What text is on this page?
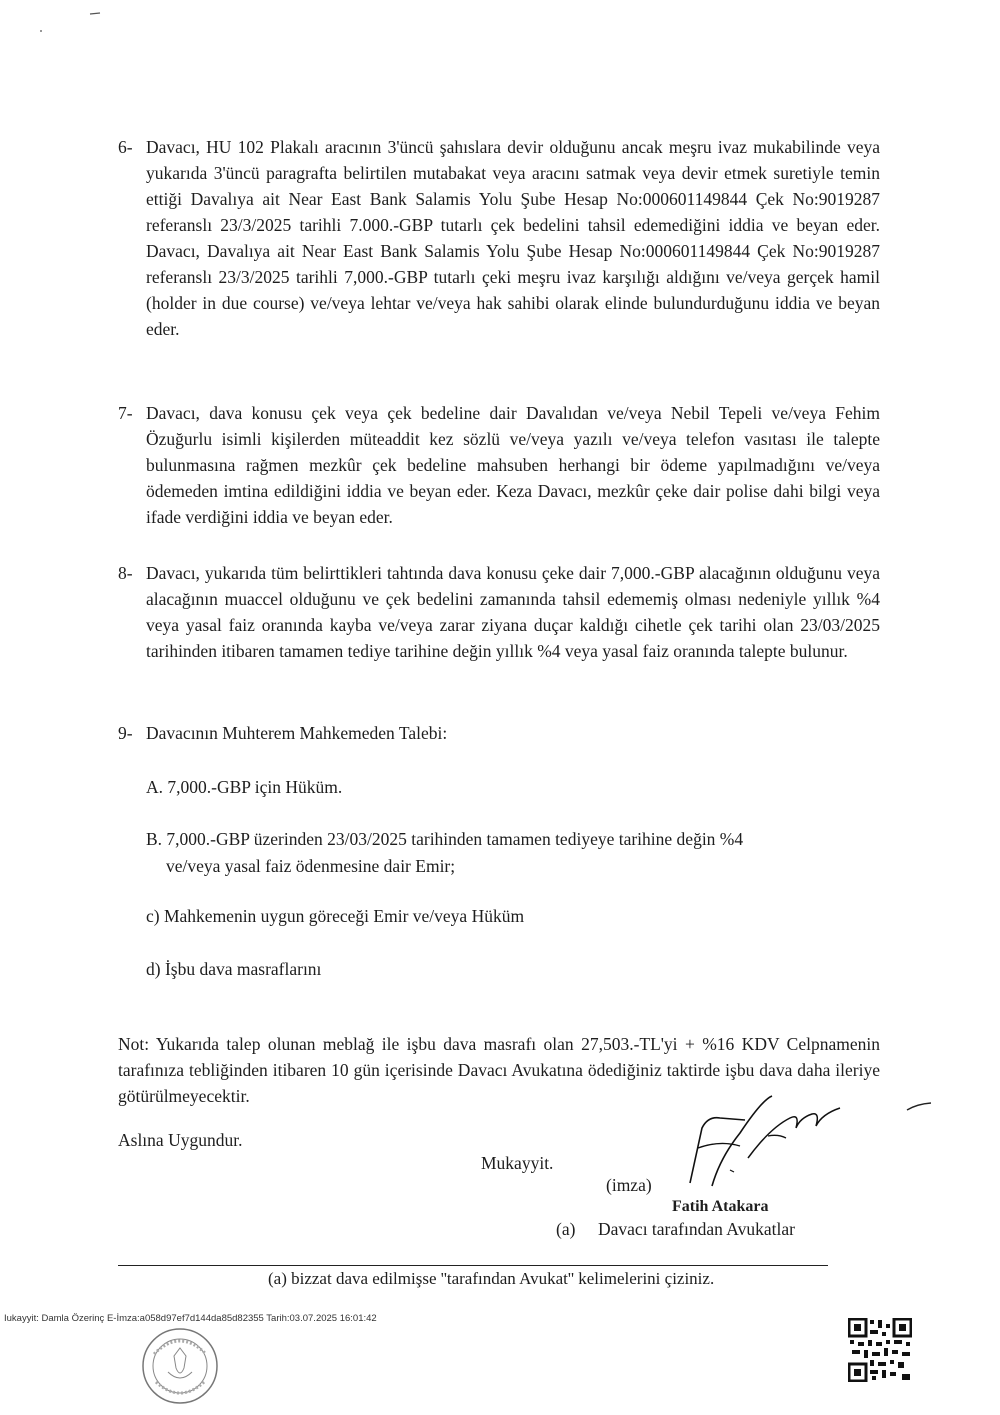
6- Davacı, HU 102 Plakalı aracının 3'üncü şahıslara devir olduğunu ancak meşru ivaz mukabilinde veya yukarıda 3'üncü paragrafta belirtilen mutabakat veya aracını satmak veya devir etmek suretiyle temin ettiği Davalıya ait Near East Bank Salamis Yolu Şube Hesap No:000601149844 Çek No:9019287 referanslı 23/3/2025 tarihli 7.000.-GBP tutarlı çek bedelini tahsil edemediğini iddia ve beyan eder. Davacı, Davalıya ait Near East Bank Salamis Yolu Şube Hesap No:000601149844 Çek No:9019287 referanslı 23/3/2025 tarihli 7,000.-GBP tutarlı çeki meşru ivaz karşılığı aldığını ve/veya gerçek hamil (holder in due course) ve/veya lehtar ve/veya hak sahibi olarak elinde bulundurduğunu iddia ve beyan eder.
7- Davacı, dava konusu çek veya çek bedeline dair Davalıdan ve/veya Nebil Tepeli ve/veya Fehim Özuğurlu isimli kişilerden müteaddit kez sözlü ve/veya yazılı ve/veya telefon vasıtası ile talepte bulunmasına rağmen mezkûr çek bedeline mahsuben herhangi bir ödeme yapılmadığını ve/veya ödemeden imtina edildiğini iddia ve beyan eder. Keza Davacı, mezkûr çeke dair polise dahi bilgi veya ifade verdiğini iddia ve beyan eder.
8- Davacı, yukarıda tüm belirttikleri tahtında dava konusu çeke dair 7,000.-GBP alacağının olduğunu veya alacağının muaccel olduğunu ve çek bedelini zamanında tahsil edememiş olması nedeniyle yıllık %4 veya yasal faiz oranında kayba ve/veya zarar ziyana duçar kaldığı cihetle çek tarihi olan 23/03/2025 tarihinden itibaren tamamen tediye tarihine değin yıllık %4 veya yasal faiz oranında talepte bulunur.
9- Davacının Muhterem Mahkemeden Talebi:
A. 7,000.-GBP için Hüküm.
B. 7,000.-GBP üzerinden 23/03/2025 tarihinden tamamen tediyeye tarihine değin %4
ve/veya yasal faiz ödenmesine dair Emir;
c) Mahkemenin uygun göreceği Emir ve/veya Hüküm
d) İşbu dava masraflarını
Not: Yukarıda talep olunan meblağ ile işbu dava masrafı olan 27,503.-TL'yi + %16 KDV Celpnamenin tarafınıza tebliğinden itibaren 10 gün içerisinde Davacı Avukatına ödediğiniz taktirde işbu dava daha ileriye götürülmeyecektir.
Aslına Uygundur.
Mukayyit.
(imza)
Fatih Atakara
(a) Davacı tarafından Avukatlar
(a) bizzat dava edilmişse ''tarafından Avukat'' kelimelerini çiziniz.
Iukayyit: Damla Özerinç E-İmza:a058d97ef7d144da85d82355 Tarih:03.07.2025 16:01:42
